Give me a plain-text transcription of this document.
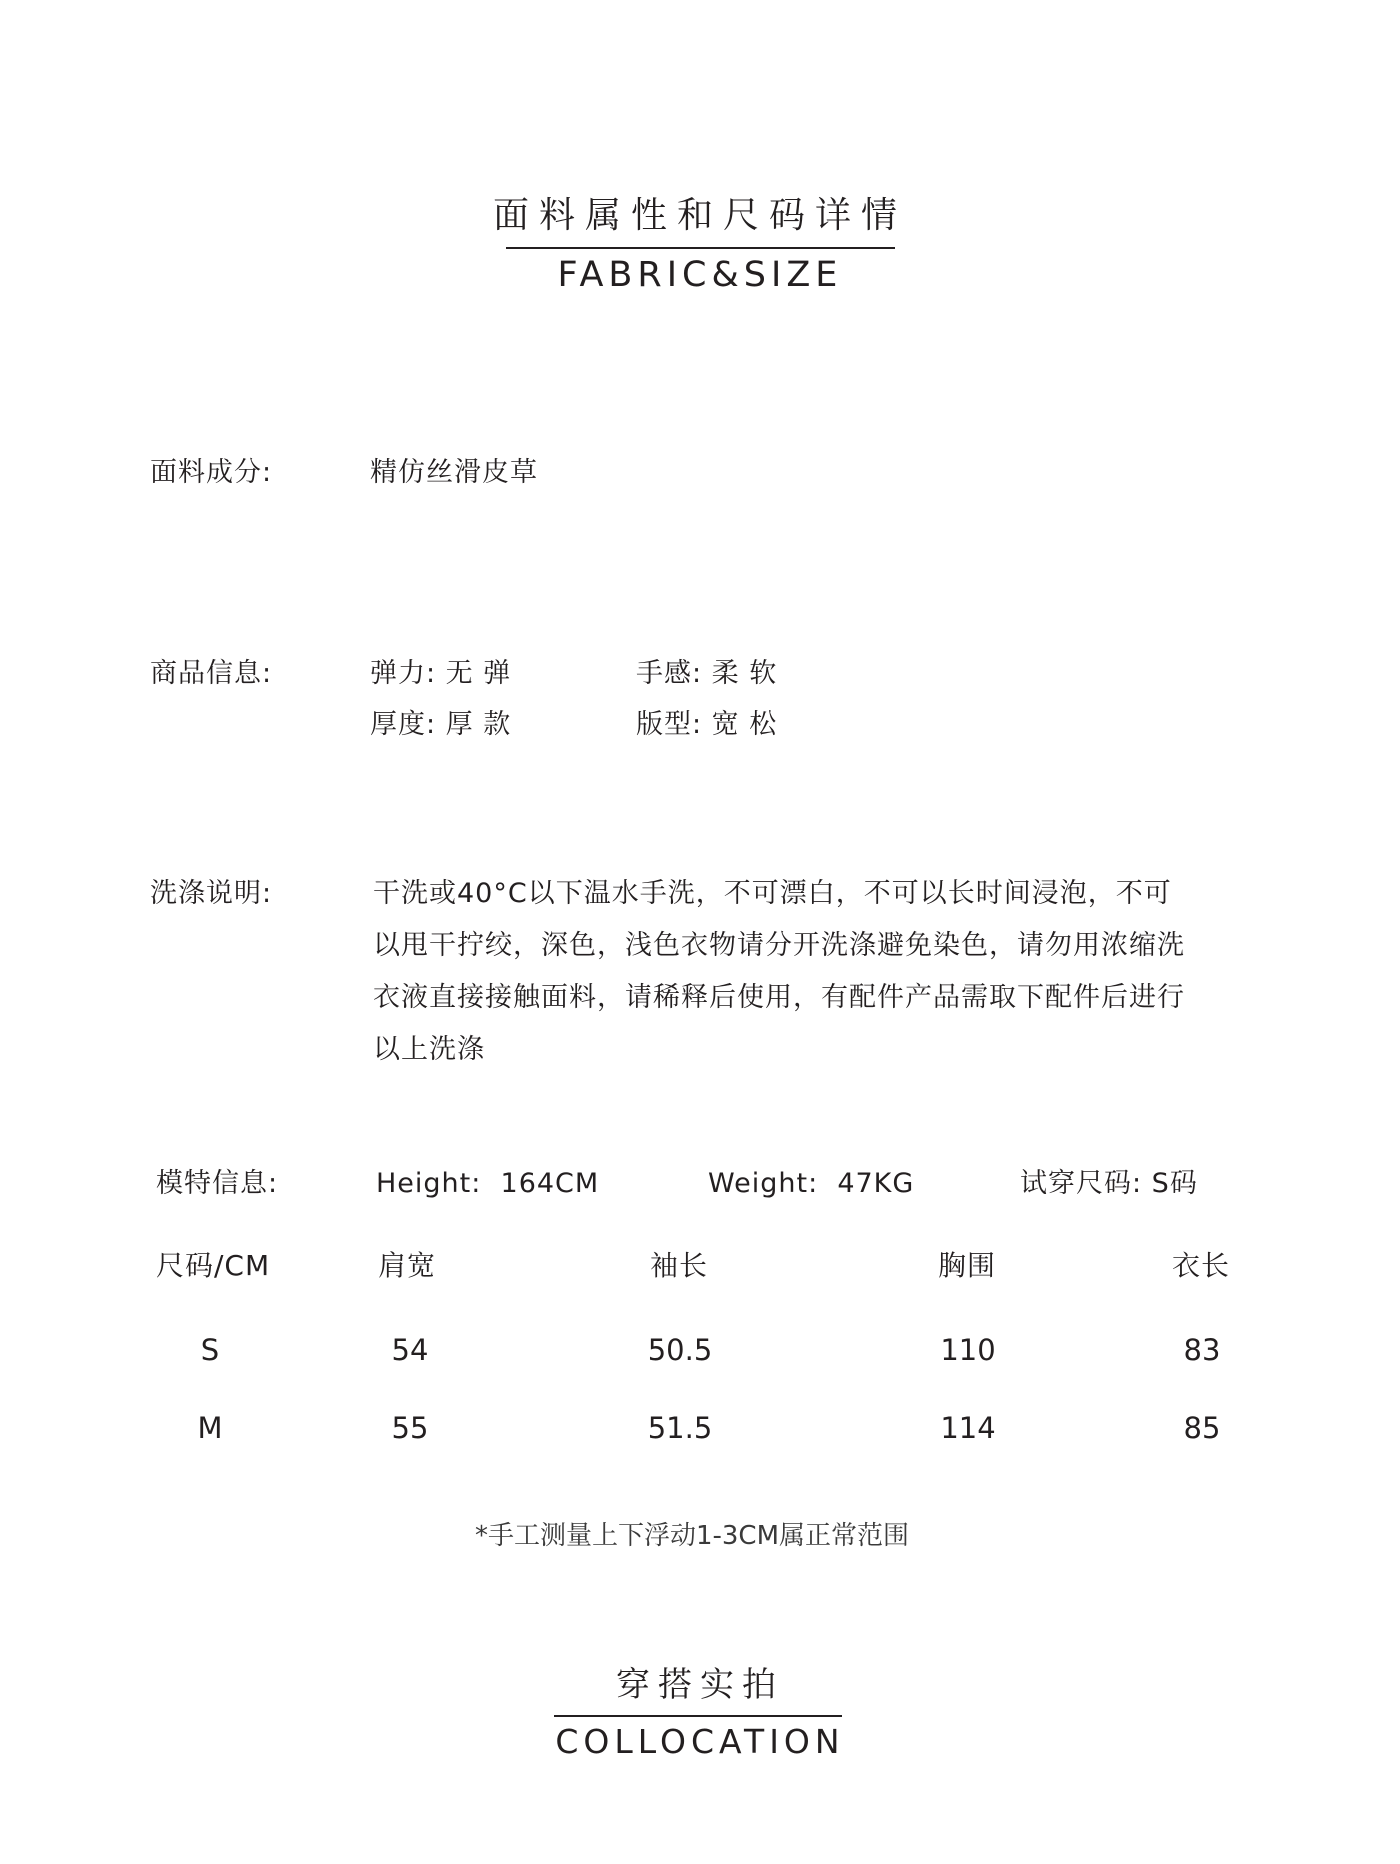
面料属性和尺码详情
FABRIC&SIZE
面料成分:	精仿丝滑皮草
商品信息:	弹力: 无 弹	手感: 柔 软
厚度: 厚 款	版型: 宽 松
洗涤说明:	干洗或40°C以下温水手洗，不可漂白，不可以长时间浸泡，不可
以甩干拧绞，深色，浅色衣物请分开洗涤避免染色，请勿用浓缩洗
衣液直接接触面料，请稀释后使用，有配件产品需取下配件后进行
以上洗涤
模特信息:	Height:  164CM	Weight:  47KG	试穿尺码: S码
尺码/CM	肩宽	袖长	胸围	衣长
S	54	50.5	110	83
M	55	51.5	114	85
*手工测量上下浮动1-3CM属正常范围
穿搭实拍
COLLOCATION
